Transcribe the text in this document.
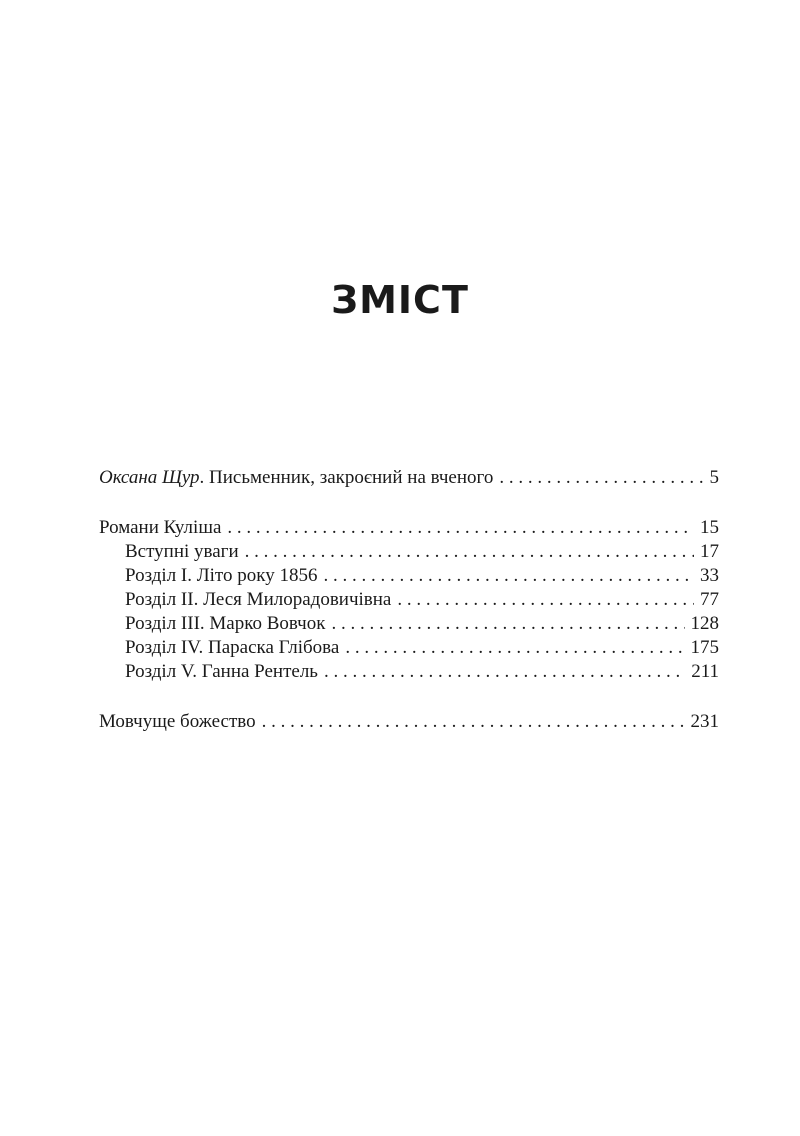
ЗМІСТ
Оксана Щур. Письменник, закроєний на вченого . . .	5
Романи Куліша . . .	15
Вступні уваги . . .	17
Розділ І. Літо року 1856 . . .	33
Розділ ІІ. Леся Милорадовичівна . . .	77
Розділ ІІІ. Марко Вовчок . . .	128
Розділ IV. Параска Глібова . . .	175
Розділ V. Ганна Рентель . . .	211
Мовчуще божество . . .	231
